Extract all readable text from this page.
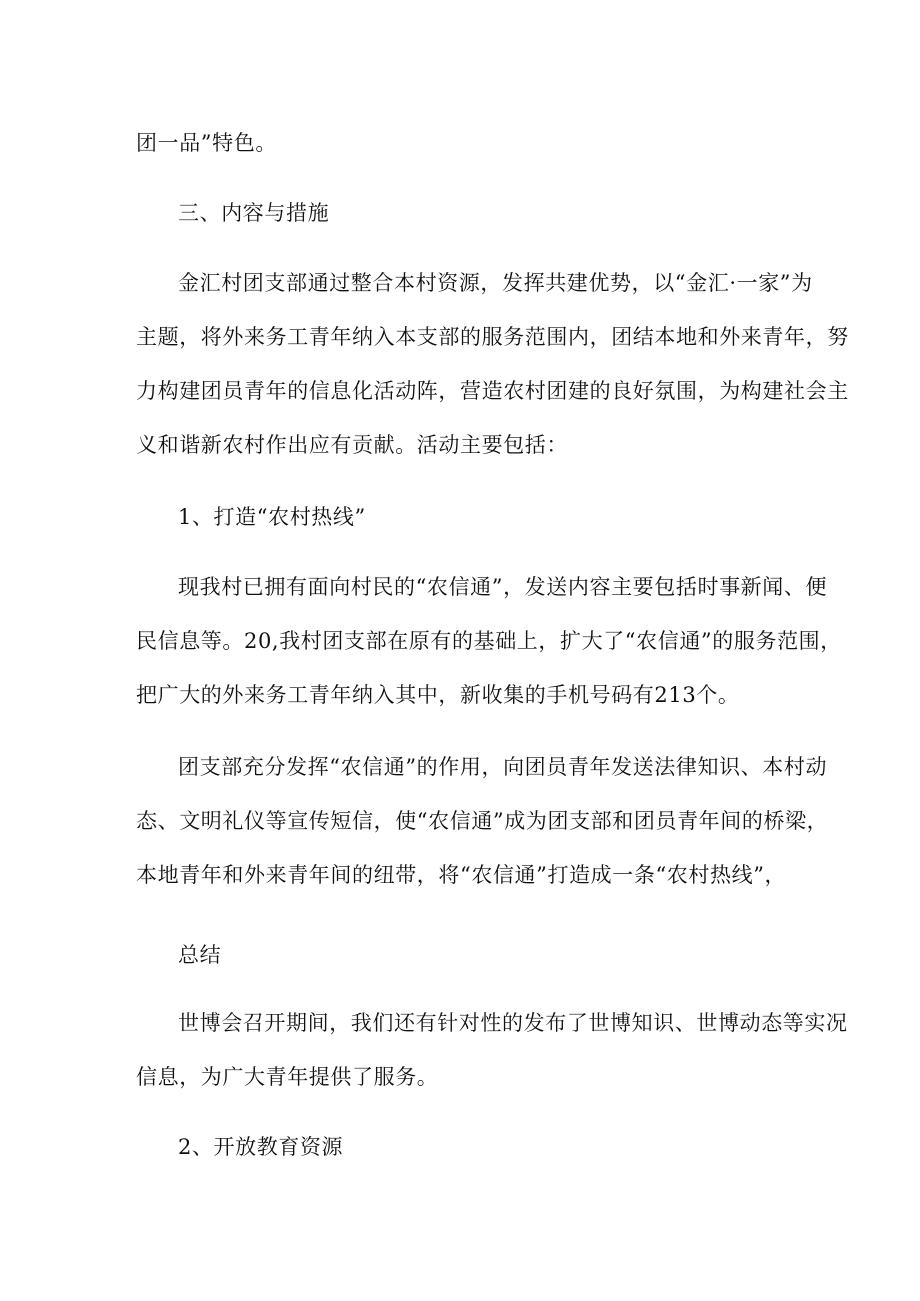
团一品”特色。
三、内容与措施
金汇村团支部通过整合本村资源，发挥共建优势，以“金汇·一家”为
主题，将外来务工青年纳入本支部的服务范围内，团结本地和外来青年，努
力构建团员青年的信息化活动阵，营造农村团建的良好氛围，为构建社会主
义和谐新农村作出应有贡献。活动主要包括：
1、打造“农村热线”
现我村已拥有面向村民的“农信通”，发送内容主要包括时事新闻、便
民信息等。20,我村团支部在原有的基础上，扩大了“农信通”的服务范围，
把广大的外来务工青年纳入其中，新收集的手机号码有213个。
团支部充分发挥“农信通”的作用，向团员青年发送法律知识、本村动
态、文明礼仪等宣传短信，使“农信通”成为团支部和团员青年间的桥梁，
本地青年和外来青年间的纽带，将“农信通”打造成一条“农村热线”，
总结
世博会召开期间，我们还有针对性的发布了世博知识、世博动态等实况
信息，为广大青年提供了服务。
2、开放教育资源
